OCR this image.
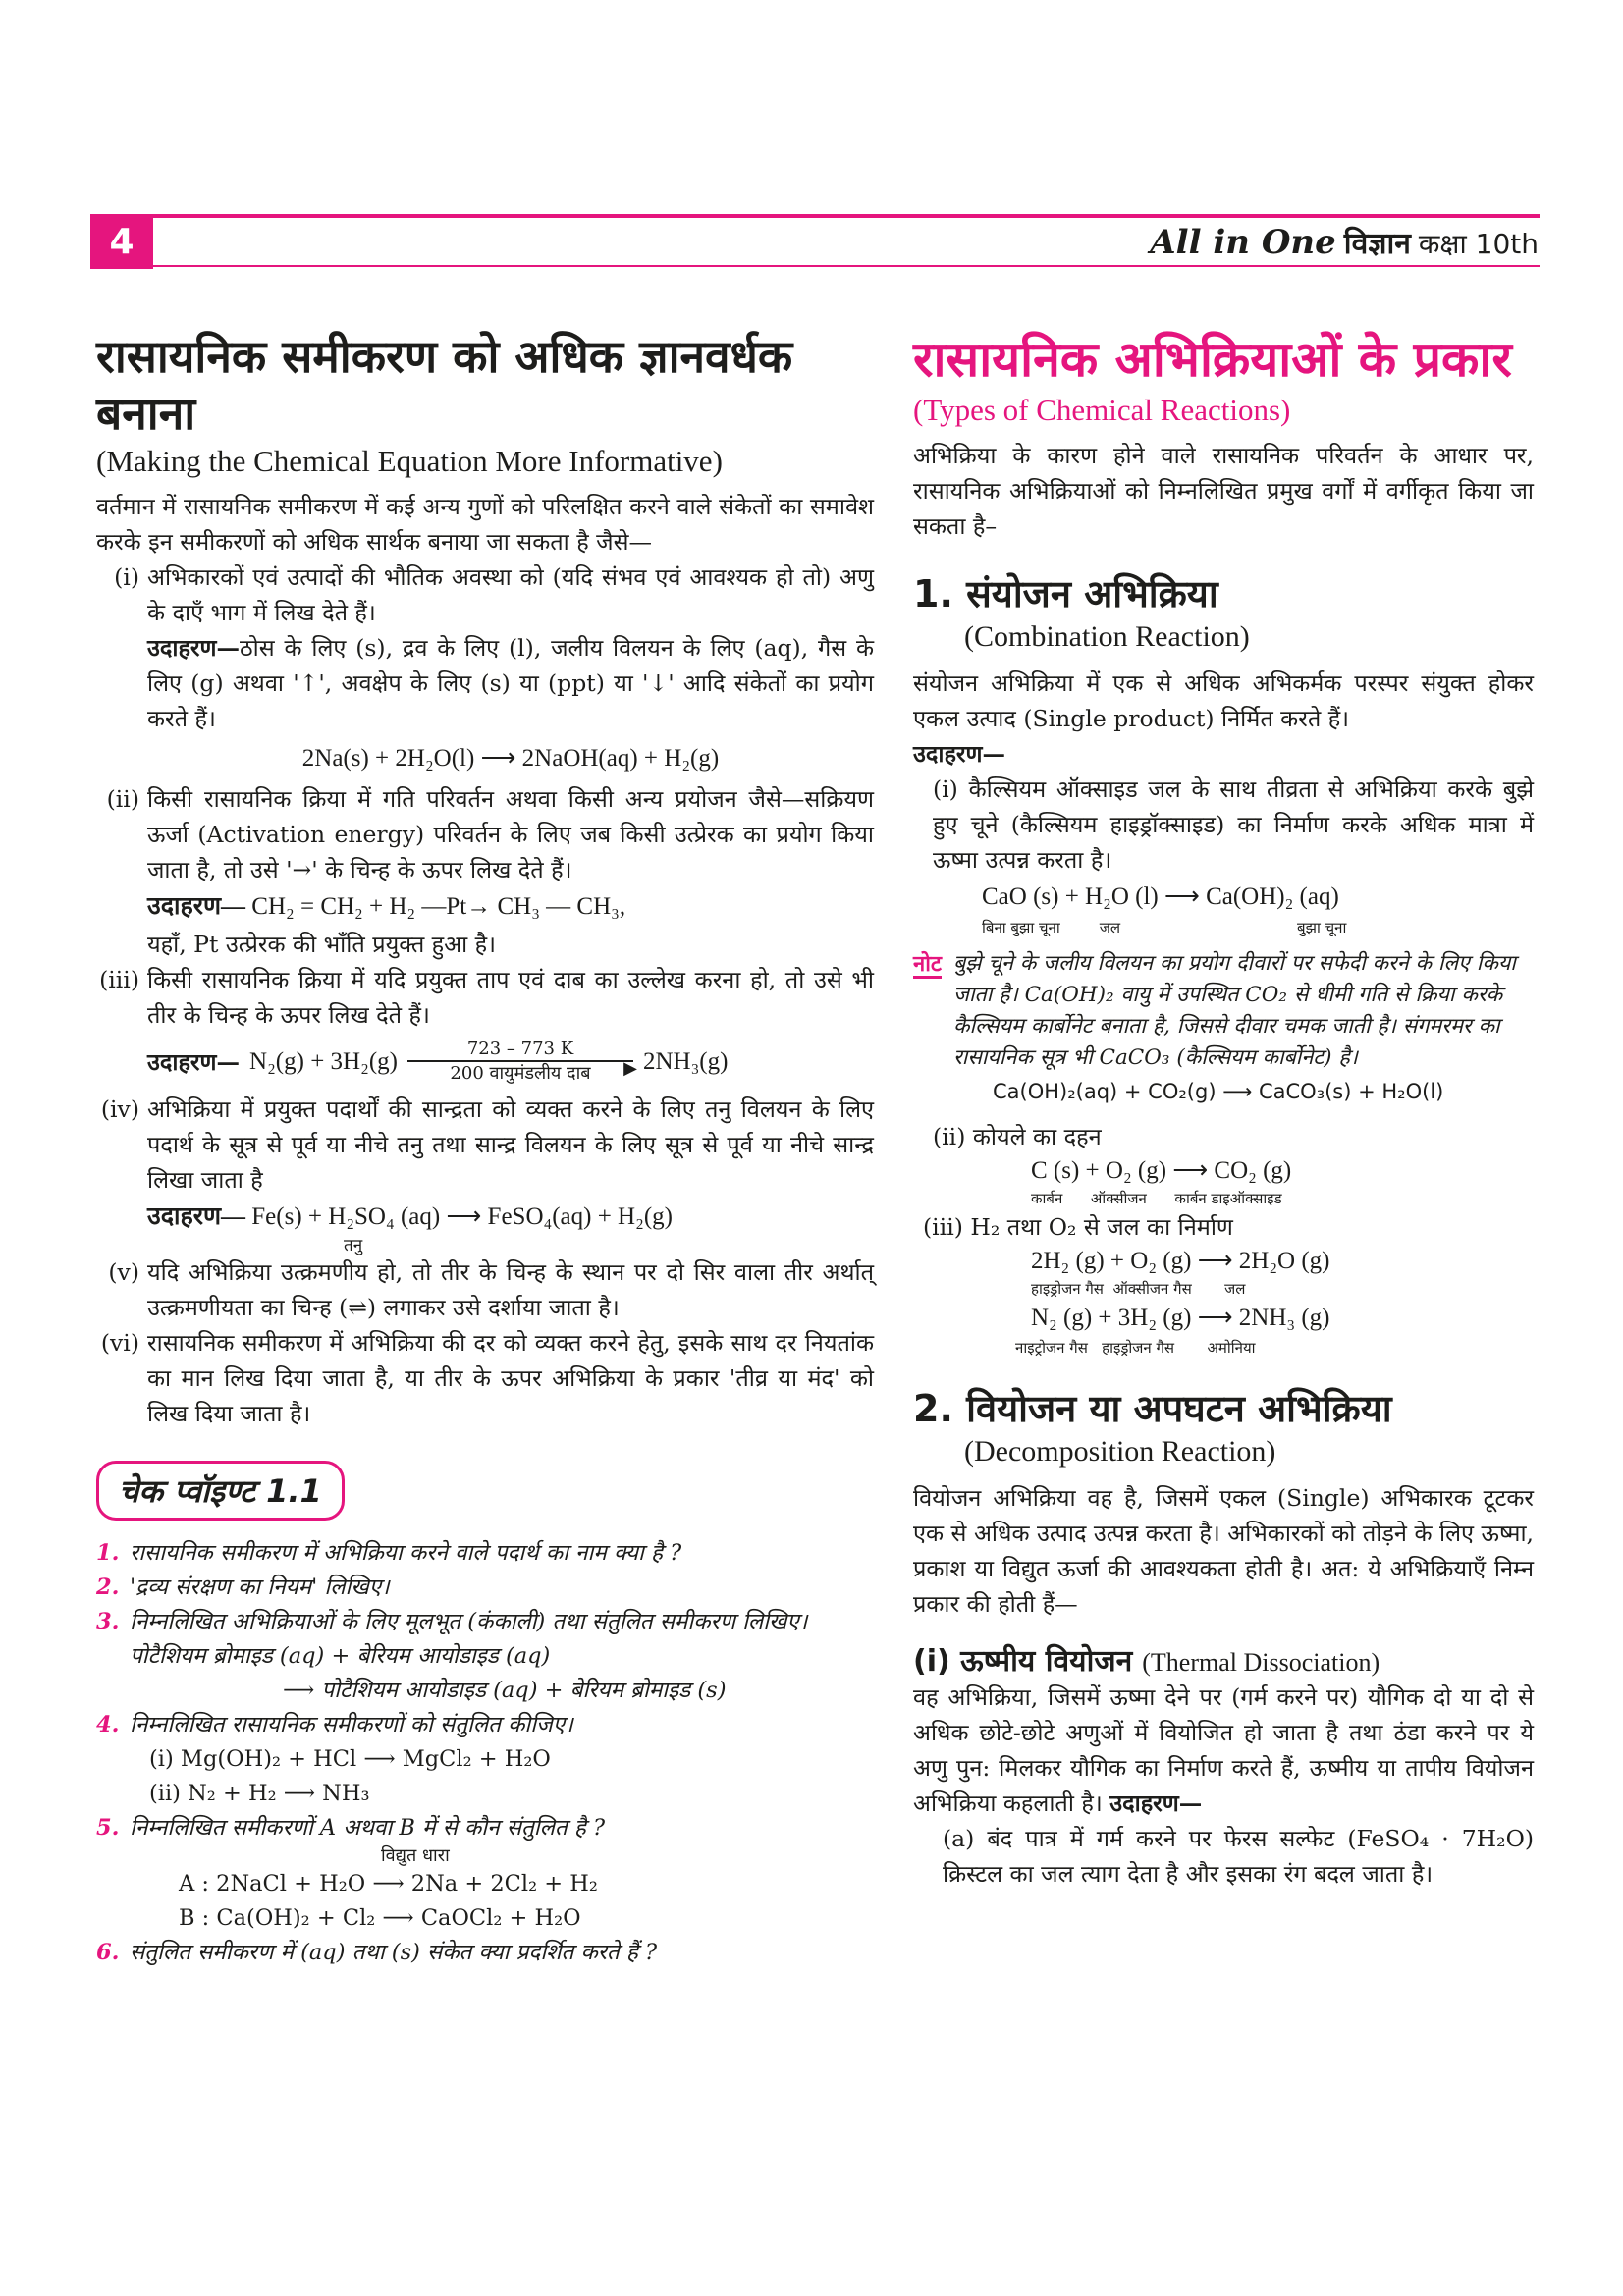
4	All in One विज्ञान कक्षा 10th
रासायनिक समीकरण को अधिक ज्ञानवर्धक बनाना
(Making the Chemical Equation More Informative)

वर्तमान में रासायनिक समीकरण में कई अन्य गुणों को परिलक्षित करने वाले संकेतों का समावेश करके इन समीकरणों को अधिक सार्थक बनाया जा सकता है जैसे—

(i) अभिकारकों एवं उत्पादों की भौतिक अवस्था को (यदि संभव एवं आवश्यक हो तो) अणु के दाएँ भाग में लिख देते हैं।
उदाहरण—ठोस के लिए (s), द्रव के लिए (l), जलीय विलयन के लिए (aq), गैस के लिए (g) अथवा '↑', अवक्षेप के लिए (s) या (ppt) या '↓' आदि संकेतों का प्रयोग करते हैं।
2Na(s) + 2H₂O(l) ⟶ 2NaOH(aq) + H₂(g)
(ii) किसी रासायनिक क्रिया में गति परिवर्तन अथवा किसी अन्य प्रयोजन जैसे—सक्रियण ऊर्जा (Activation energy) परिवर्तन के लिए जब किसी उत्प्रेरक का प्रयोग किया जाता है, तो उसे '→' के चिन्ह के ऊपर लिख देते हैं।
उदाहरण— CH₂ = CH₂ + H₂ —Pt→ CH₃ — CH₃,
यहाँ, Pt उत्प्रेरक की भाँति प्रयुक्त हुआ है।
(iii) किसी रासायनिक क्रिया में यदि प्रयुक्त ताप एवं दाब का उल्लेख करना हो, तो उसे भी तीर के चिन्ह के ऊपर लिख देते हैं।
उदाहरण— N₂(g) + 3H₂(g)	723 – 773 K
▶
200 वायुमंडलीय दाब 2NH₃(g)
(iv) अभिक्रिया में प्रयुक्त पदार्थों की सान्द्रता को व्यक्त करने के लिए तनु विलयन के लिए पदार्थ के सूत्र से पूर्व या नीचे तनु तथा सान्द्र विलयन के लिए सूत्र से पूर्व या नीचे सान्द्र लिखा जाता है
उदाहरण— Fe(s) + H₂SO₄ (aq) ⟶ FeSO₄(aq) + H₂(g)
तनु
(v) यदि अभिक्रिया उत्क्रमणीय हो, तो तीर के चिन्ह के स्थान पर दो सिर वाला तीर अर्थात् उत्क्रमणीयता का चिन्ह (⇌) लगाकर उसे दर्शाया जाता है।
(vi) रासायनिक समीकरण में अभिक्रिया की दर को व्यक्त करने हेतु, इसके साथ दर नियतांक का मान लिख दिया जाता है, या तीर के ऊपर अभिक्रिया के प्रकार 'तीव्र या मंद' को लिख दिया जाता है।
चेक प्वॉइण्ट 1.1
1. रासायनिक समीकरण में अभिक्रिया करने वाले पदार्थ का नाम क्या है ?
2. 'द्रव्य संरक्षण का नियम' लिखिए।
3. निम्नलिखित अभिक्रियाओं के लिए मूलभूत (कंकाली) तथा संतुलित समीकरण लिखिए।
पोटैशियम ब्रोमाइड (aq) + बेरियम आयोडाइड (aq)
⟶ पोटैशियम आयोडाइड (aq) + बेरियम ब्रोमाइड (s)
4. निम्नलिखित रासायनिक समीकरणों को संतुलित कीजिए।
(i) Mg(OH)₂ + HCl ⟶ MgCl₂ + H₂O
(ii) N₂ + H₂ ⟶ NH₃
5. निम्नलिखित समीकरणों A अथवा B में से कौन संतुलित है ?
विद्युत धारा
A : 2NaCl + H₂O ⟶ 2Na + 2Cl₂ + H₂
B : Ca(OH)₂ + Cl₂ ⟶ CaOCl₂ + H₂O
6. संतुलित समीकरण में (aq) तथा (s) संकेत क्या प्रदर्शित करते हैं ?
रासायनिक अभिक्रियाओं के प्रकार
(Types of Chemical Reactions)

अभिक्रिया के कारण होने वाले रासायनिक परिवर्तन के आधार पर, रासायनिक अभिक्रियाओं को निम्नलिखित प्रमुख वर्गों में वर्गीकृत किया जा सकता है–

1. संयोजन अभिक्रिया
(Combination Reaction)

संयोजन अभिक्रिया में एक से अधिक अभिकर्मक परस्पर संयुक्त होकर एकल उत्पाद (Single product) निर्मित करते हैं।

उदाहरण—
(i) कैल्सियम ऑक्साइड जल के साथ तीव्रता से अभिक्रिया करके बुझे हुए चूने (कैल्सियम हाइड्रॉक्साइड) का निर्माण करके अधिक मात्रा में ऊष्मा उत्पन्न करता है।
CaO (s) + H₂O (l) ⟶ Ca(OH)₂ (aq)
बिना बुझा चूना	जल	बुझा चूना
नोट बुझे चूने के जलीय विलयन का प्रयोग दीवारों पर सफेदी करने के लिए किया जाता है। Ca(OH)₂ वायु में उपस्थित CO₂ से धीमी गति से क्रिया करके कैल्सियम कार्बोनेट बनाता है, जिससे दीवार चमक जाती है। संगमरमर का रासायनिक सूत्र भी CaCO₃ (कैल्सियम कार्बोनेट) है।
Ca(OH)₂(aq) + CO₂(g) ⟶ CaCO₃(s) + H₂O(l)
(ii) कोयले का दहन
C (s) + O₂ (g) ⟶ CO₂ (g)
कार्बन      ऑक्सीजन      कार्बन डाइऑक्साइड
(iii) H₂ तथा O₂ से जल का निर्माण
2H₂ (g) + O₂ (g) ⟶ 2H₂O (g)
हाइड्रोजन गैस  ऑक्सीजन गैस       जल
N₂ (g) + 3H₂ (g) ⟶ 2NH₃ (g)
नाइट्रोजन गैस   हाइड्रोजन गैस       अमोनिया
2. वियोजन या अपघटन अभिक्रिया
(Decomposition Reaction)

वियोजन अभिक्रिया वह है, जिसमें एकल (Single) अभिकारक टूटकर एक से अधिक उत्पाद उत्पन्न करता है। अभिकारकों को तोड़ने के लिए ऊष्मा, प्रकाश या विद्युत ऊर्जा की आवश्यकता होती है। अत: ये अभिक्रियाएँ निम्न प्रकार की होती हैं—

(i) ऊष्मीय वियोजन (Thermal Dissociation)

वह अभिक्रिया, जिसमें ऊष्मा देने पर (गर्म करने पर) यौगिक दो या दो से अधिक छोटे-छोटे अणुओं में वियोजित हो जाता है तथा ठंडा करने पर ये अणु पुन: मिलकर यौगिक का निर्माण करते हैं, ऊष्मीय या तापीय वियोजन अभिक्रिया कहलाती है। उदाहरण—

(a) बंद पात्र में गर्म करने पर फेरस सल्फेट (FeSO₄ · 7H₂O) क्रिस्टल का जल त्याग देता है और इसका रंग बदल जाता है।
